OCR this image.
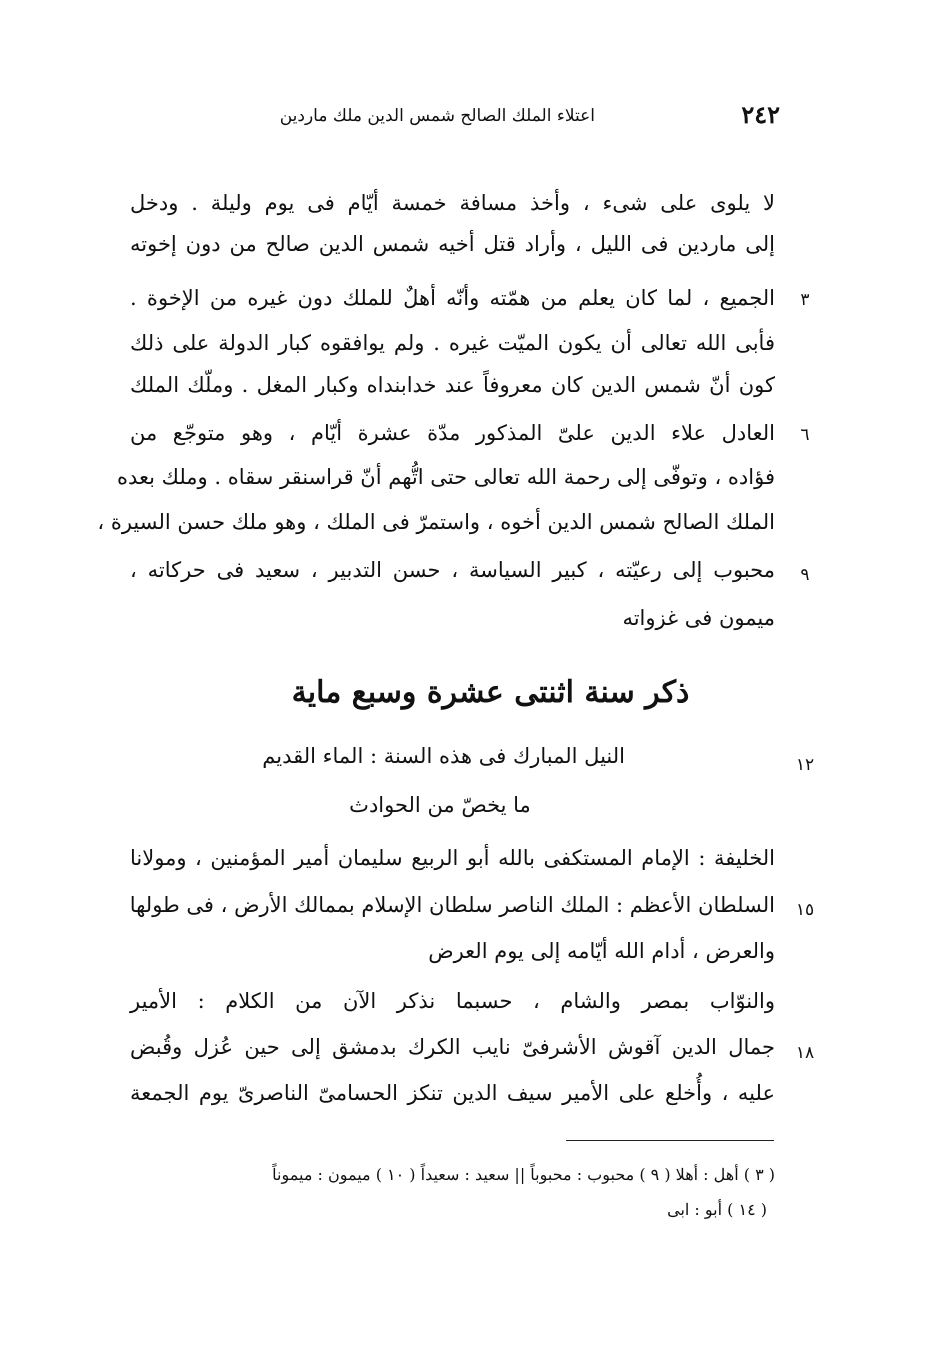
٢٤٢
اعتلاء الملك الصالح شمس الدين ملك ماردين
لا يلوى على شىء ، وأخذ مسافة خمسة أيّام فى يوم وليلة . ودخل
إلى ماردين فى الليل ، وأراد قتل أخيه شمس الدين صالح من دون إخوته
الجميع ، لما كان يعلم من همّته وأنّه أهلٌ للملك دون غيره من الإخوة .	٣
فأبى الله تعالى أن يكون الميّت غيره . ولم يوافقوه كبار الدولة على ذلك
كون أنّ شمس الدين كان معروفاً عند خدابنداه وكبار المغل . وملّك الملك
العادل علاء الدين علىّ المذكور مدّة عشرة أيّام ، وهو متوجّع من	٦
فؤاده ، وتوفّى إلى رحمة الله تعالى حتى اتُّهم أنّ قراسنقر سقاه . وملك بعده
الملك الصالح شمس الدين أخوه ، واستمرّ فى الملك ، وهو ملك حسن السيرة ،
محبوب إلى رعيّته ، كبير السياسة ، حسن التدبير ، سعيد فى حركاته ،	٩
ميمون فى غزواته
ذكر سنة اثنتى عشرة وسبع ماية
النيل المبارك فى هذه السنة : الماء القديم	١٢
ما يخصّ من الحوادث
الخليفة : الإمام المستكفى بالله أبو الربيع سليمان أمير المؤمنين ، ومولانا
السلطان الأعظم : الملك الناصر سلطان الإسلام بممالك الأرض ، فى طولها	١٥
والعرض ، أدام الله أيّامه إلى يوم العرض
والنوّاب بمصر والشام ، حسبما نذكر الآن من الكلام : الأمير
جمال الدين آقوش الأشرفىّ نايب الكرك بدمشق إلى حين عُزل وقُبض	١٨
عليه ، وأُخلع على الأمير سيف الدين تنكز الحسامىّ الناصرىّ يوم الجمعة
( ٣ ) أهل : أهلا ( ٩ ) محبوب : محبوباً || سعيد : سعيداً ( ١٠ ) ميمون : ميموناً
( ١٤ ) أبو : ابى
